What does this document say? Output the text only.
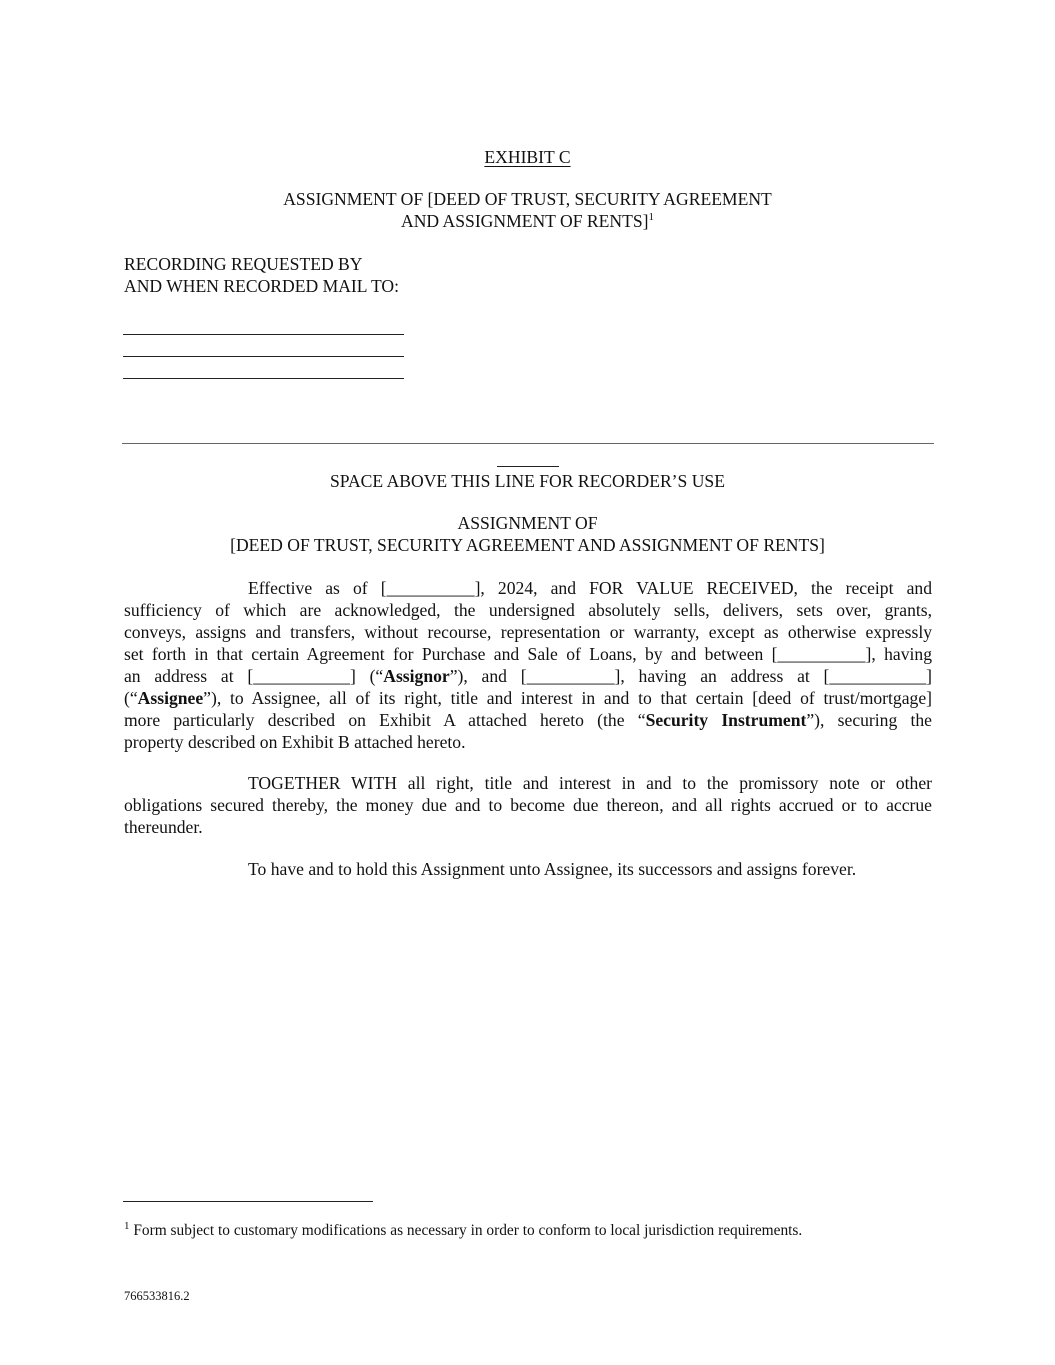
EXHIBIT C
ASSIGNMENT OF [DEED OF TRUST, SECURITY AGREEMENT
AND ASSIGNMENT OF RENTS]$^1$
RECORDING REQUESTED BY
AND WHEN RECORDED MAIL TO:
SPACE ABOVE THIS LINE FOR RECORDER’S USE
ASSIGNMENT OF
[DEED OF TRUST, SECURITY AGREEMENT AND ASSIGNMENT OF RENTS]
Effective as of [__________], 2024, and FOR VALUE RECEIVED, the receipt and
sufficiency of which are acknowledged, the undersigned absolutely sells, delivers, sets over, grants,
conveys, assigns and transfers, without recourse, representation or warranty, except as otherwise expressly
set forth in that certain Agreement for Purchase and Sale of Loans, by and between [__________], having
an address at [___________] (“Assignor”), and [__________], having an address at [___________]
(“Assignee”), to Assignee, all of its right, title and interest in and to that certain [deed of trust/mortgage]
more particularly described on Exhibit A attached hereto (the “Security Instrument”), securing the
property described on Exhibit B attached hereto.
TOGETHER WITH all right, title and interest in and to the promissory note or other
obligations secured thereby, the money due and to become due thereon, and all rights accrued or to accrue
thereunder.
To have and to hold this Assignment unto Assignee, its successors and assigns forever.
$^1$ Form subject to customary modifications as necessary in order to conform to local jurisdiction requirements.
766533816.2
